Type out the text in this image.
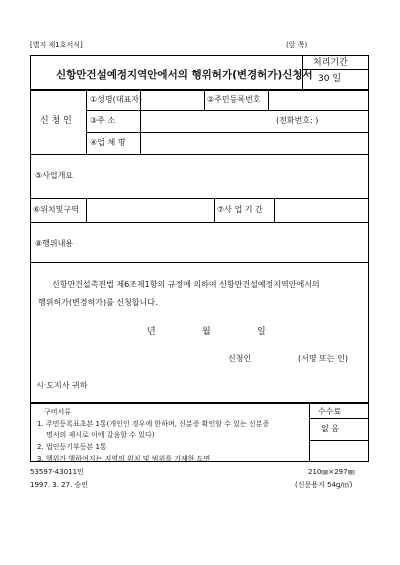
[별지 제1호서식]	(앞 쪽)
신항만건설예정지역안에서의 행위허가(변경허가)신청서
처리기간
30 일
신 청 인
①성명(대표자)	②주민등록번호
③주 소	(전화번호: )
④업 체 명
⑤사업개요
⑥위치및구역	⑦사 업 기 간
⑧행위내용
신항만건설촉진법 제6조제1항의 규정에 의하여 신항만건설예정지역안에서의
행위허가(변경허가)를 신청합니다.
년	월	일
신청인	(서명 또는 인)
시·도지사 귀하
구비서류
1. 주민등록표초본 1통(개인인 경우에 한하며, 신분증 확인할 수 있는 신분증
명서의 제시로 이에 갈음할 수 있다)
2. 법인등기부등본 1통
3. 행위가 행하여지는 지역의 위치 및 범위를 기재한 도면
수수료
없 음
53597-43011민
1997. 3. 27. 승인
210㎜×297㎜
(신문용지 54g/㎡)
